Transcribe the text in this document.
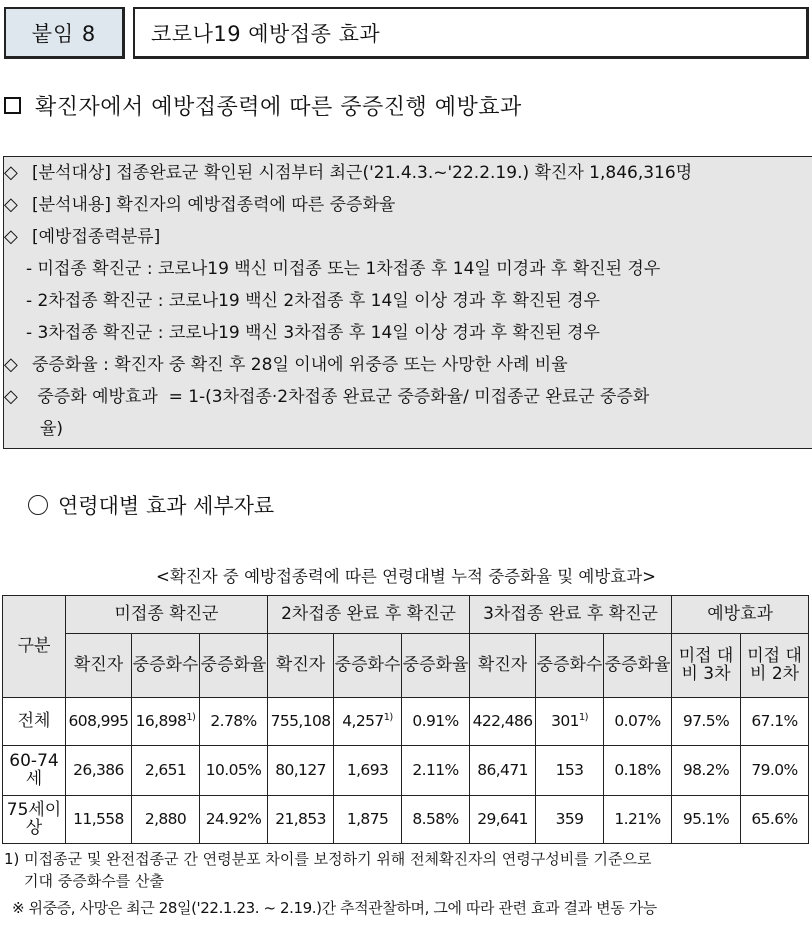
붙임 8	코로나19 예방접종 효과
확진자에서 예방접종력에 따른 중증진행 예방효과
◇ [분석대상] 접종완료군 확인된 시점부터 최근('21.4.3.~'22.2.19.) 확진자 1,846,316명
◇ [분석내용] 확진자의 예방접종력에 따른 중증화율
◇ [예방접종력분류]
- 미접종 확진군 : 코로나19 백신 미접종 또는 1차접종 후 14일 미경과 후 확진된 경우
- 2차접종 확진군 : 코로나19 백신 2차접종 후 14일 이상 경과 후 확진된 경우
- 3차접종 확진군 : 코로나19 백신 3차접종 후 14일 이상 경과 후 확진된 경우
◇ 중증화율 : 확진자 중 확진 후 28일 이내에 위중증 또는 사망한 사례 비율
◇ 중증화 예방효과 = 1-(3차접종·2차접종 완료군 중증화율/ 미접종군 완료군 중증화
율)
연령대별 효과 세부자료
<확진자 중 예방접종력에 따른 연령대별 누적 중증화율 및 예방효과>
구분	미접종 확진군			2차접종 완료 후 확진군			3차접종 완료 후 확진군			예방효과	
	확진자	중증화수	중증화율	확진자	중증화수	중증화율	확진자	중증화수	중증화율	미접 대비 3차	미접 대비 2차
전체	608,995	16,898$^{1)}$	2.78%	755,108	4,257$^{1)}$	0.91%	422,486	301$^{1)}$	0.07%	97.5%	67.1%
60-74세	26,386	2,651	10.05%	80,127	1,693	2.11%	86,471	153	0.18%	98.2%	79.0%
75세이상	11,558	2,880	24.92%	21,853	1,875	8.58%	29,641	359	1.21%	95.1%	65.6%
1) 미접종군 및 완전접종군 간 연령분포 차이를 보정하기 위해 전체확진자의 연령구성비를 기준으로
기대 중증화수를 산출
※ 위중증, 사망은 최근 28일('22.1.23. ~ 2.19.)간 추적관찰하며, 그에 따라 관련 효과 결과 변동 가능
